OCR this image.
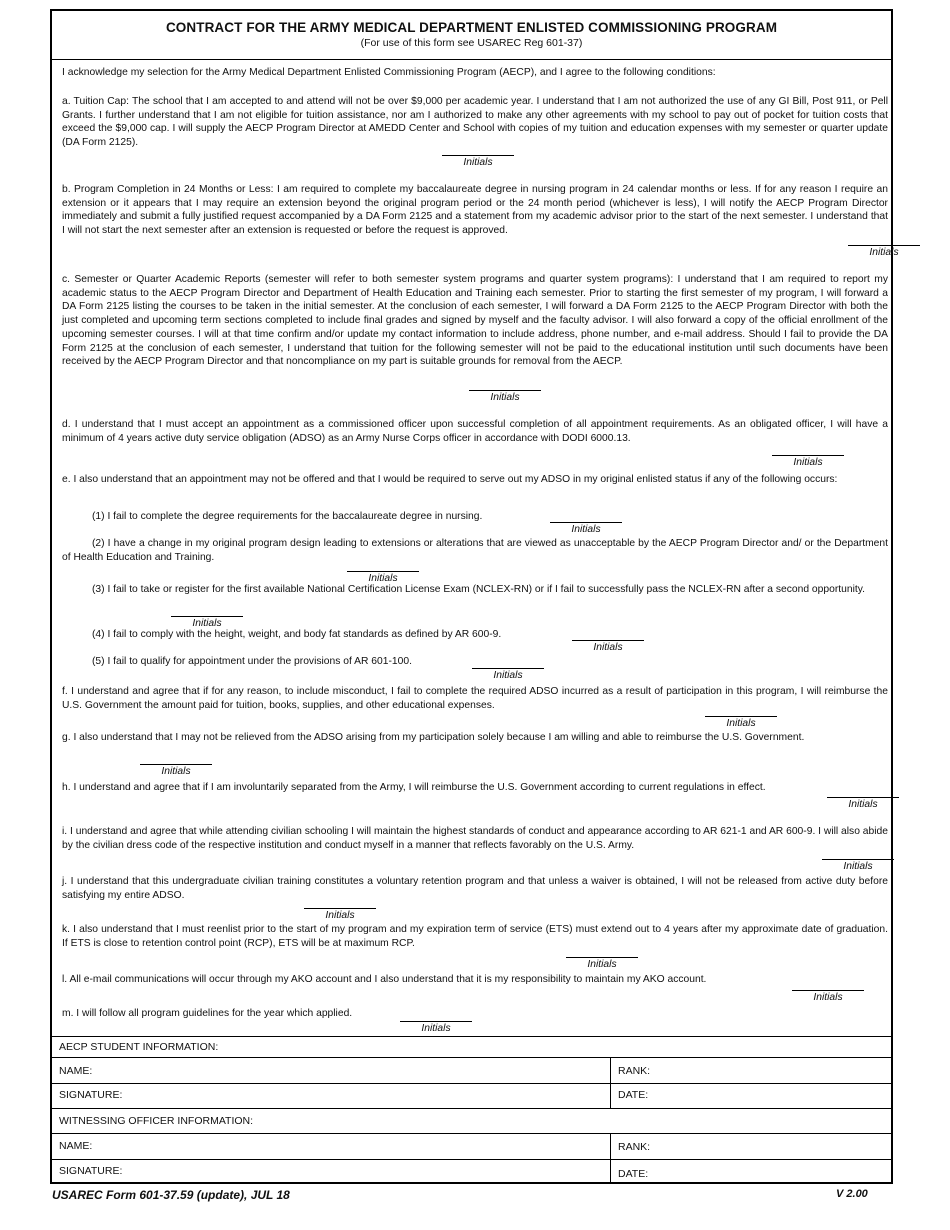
CONTRACT FOR THE ARMY MEDICAL DEPARTMENT ENLISTED COMMISSIONING PROGRAM
(For use of this form see USAREC Reg 601-37)
I acknowledge my selection for the Army Medical Department Enlisted Commissioning Program (AECP), and I agree to the following conditions:
a. Tuition Cap: The school that I am accepted to and attend will not be over $9,000 per academic year. I understand that I am not authorized the use of any GI Bill, Post 911, or Pell Grants. I further understand that I am not eligible for tuition assistance, nor am I authorized to make any other agreements with my school to pay out of pocket for tuition costs that exceed the $9,000 cap. I will supply the AECP Program Director at AMEDD Center and School with copies of my tuition and education expenses with my semester or quarter update (DA Form 2125).
Initials
b. Program Completion in 24 Months or Less: I am required to complete my baccalaureate degree in nursing program in 24 calendar months or less. If for any reason I require an extension or it appears that I may require an extension beyond the original program period or the 24 month period (whichever is less), I will notify the AECP Program Director immediately and submit a fully justified request accompanied by a DA Form 2125 and a statement from my academic advisor prior to the start of the next semester. I understand that I will not start the next semester after an extension is requested or before the request is approved.
Initials
c. Semester or Quarter Academic Reports (semester will refer to both semester system programs and quarter system programs): I understand that I am required to report my academic status to the AECP Program Director and Department of Health Education and Training each semester. Prior to starting the first semester of my program, I will forward a DA Form 2125 listing the courses to be taken in the initial semester. At the conclusion of each semester, I will forward a DA Form 2125 to the AECP Program Director with both the just completed and upcoming term sections completed to include final grades and signed by myself and the faculty advisor. I will also forward a copy of the official enrollment of the upcoming semester courses. I will at that time confirm and/or update my contact information to include address, phone number, and e-mail address. Should I fail to provide the DA Form 2125 at the conclusion of each semester, I understand that tuition for the following semester will not be paid to the educational institution until such documents have been received by the AECP Program Director and that noncompliance on my part is suitable grounds for removal from the AECP.
Initials
d. I understand that I must accept an appointment as a commissioned officer upon successful completion of all appointment requirements. As an obligated officer, I will have a minimum of 4 years active duty service obligation (ADSO) as an Army Nurse Corps officer in accordance with DODI 6000.13.
Initials
e. I also understand that an appointment may not be offered and that I would be required to serve out my ADSO in my original enlisted status if any of the following occurs:
(1) I fail to complete the degree requirements for the baccalaureate degree in nursing.
Initials
(2) I have a change in my original program design leading to extensions or alterations that are viewed as unacceptable by the AECP Program Director and/ or the Department of Health Education and Training.
Initials
(3) I fail to take or register for the first available National Certification License Exam (NCLEX-RN) or if I fail to successfully pass the NCLEX-RN after a second opportunity.
Initials
(4) I fail to comply with the height, weight, and body fat standards as defined by AR 600-9.
Initials
(5) I fail to qualify for appointment under the provisions of AR 601-100.
Initials
f. I understand and agree that if for any reason, to include misconduct, I fail to complete the required ADSO incurred as a result of participation in this program, I will reimburse the U.S. Government the amount paid for tuition, books, supplies, and other educational expenses.
Initials
g. I also understand that I may not be relieved from the ADSO arising from my participation solely because I am willing and able to reimburse the U.S. Government.
Initials
h. I understand and agree that if I am involuntarily separated from the Army, I will reimburse the U.S. Government according to current regulations in effect.
Initials
i. I understand and agree that while attending civilian schooling I will maintain the highest standards of conduct and appearance according to AR 621-1 and AR 600-9. I will also abide by the civilian dress code of the respective institution and conduct myself in a manner that reflects favorably on the U.S. Army.
Initials
j. I understand that this undergraduate civilian training constitutes a voluntary retention program and that unless a waiver is obtained, I will not be released from active duty before satisfying my entire ADSO.
Initials
k. I also understand that I must reenlist prior to the start of my program and my expiration term of service (ETS) must extend out to 4 years after my approximate date of graduation. If ETS is close to retention control point (RCP), ETS will be at maximum RCP.
Initials
l. All e-mail communications will occur through my AKO account and I also understand that it is my responsibility to maintain my AKO account.
Initials
m. I will follow all program guidelines for the year which applied.
Initials
AECP STUDENT INFORMATION:
NAME:	RANK:
SIGNATURE:	DATE:
WITNESSING OFFICER INFORMATION:
NAME:	RANK:
SIGNATURE:	DATE:
USAREC Form 601-37.59 (update), JUL 18	V 2.00
